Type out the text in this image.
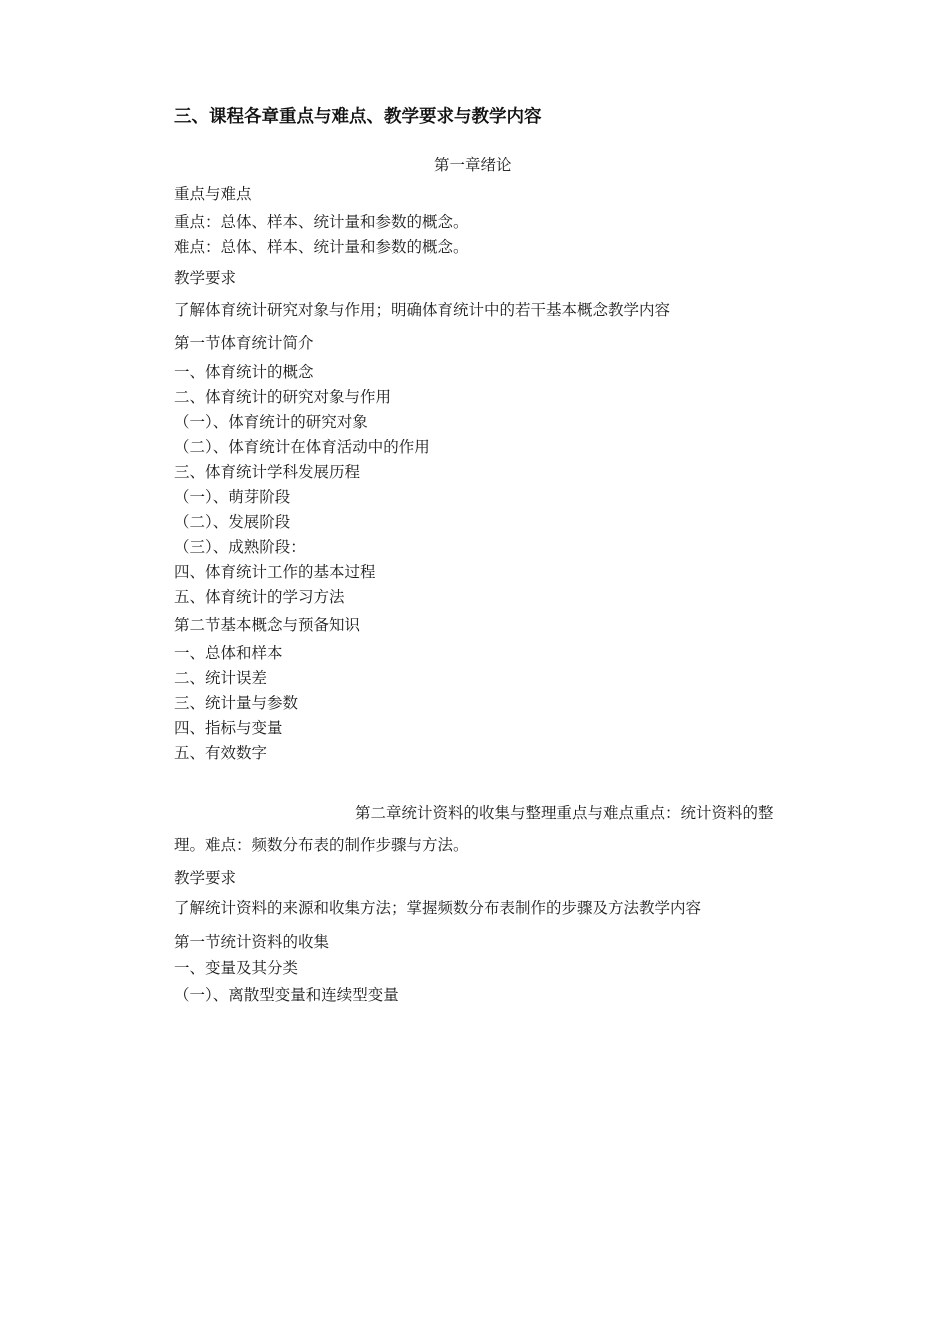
三、课程各章重点与难点、教学要求与教学内容
第一章绪论
重点与难点
重点：总体、样本、统计量和参数的概念。
难点：总体、样本、统计量和参数的概念。
教学要求
了解体育统计研究对象与作用；明确体育统计中的若干基本概念教学内容
第一节体育统计简介
一、体育统计的概念
二、体育统计的研究对象与作用
（一）、体育统计的研究对象
（二）、体育统计在体育活动中的作用
三、体育统计学科发展历程
（一）、萌芽阶段
（二）、发展阶段
（三）、成熟阶段：
四、体育统计工作的基本过程
五、体育统计的学习方法
第二节基本概念与预备知识
一、总体和样本
二、统计误差
三、统计量与参数
四、指标与变量
五、有效数字
第二章统计资料的收集与整理重点与难点重点：统计资料的整
理。难点：频数分布表的制作步骤与方法。
教学要求
了解统计资料的来源和收集方法；掌握频数分布表制作的步骤及方法教学内容
第一节统计资料的收集
一、变量及其分类
（一）、离散型变量和连续型变量
